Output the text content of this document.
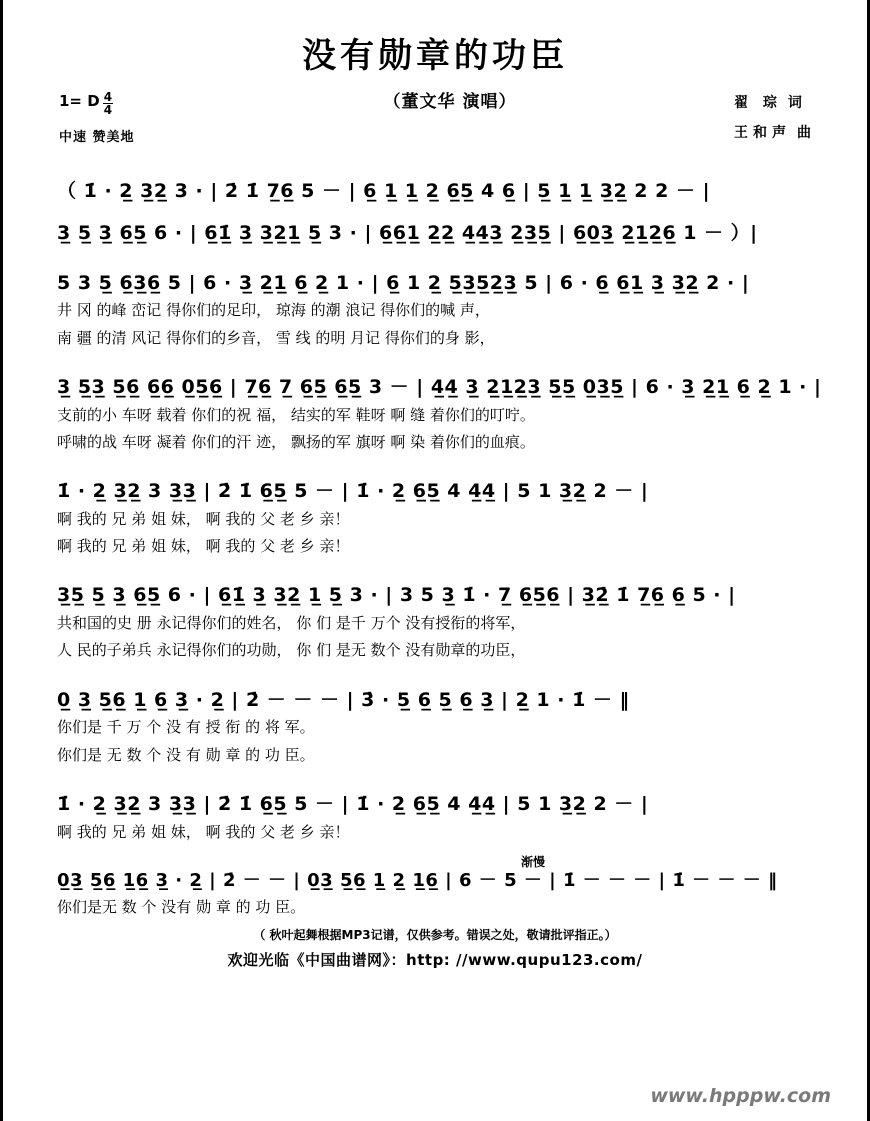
没有勋章的功臣
（董文华 演唱）	翟 琮 词
王和声 曲
1= D $\frac{4}{4}$
中速 赞美地
（ 1̇ · 2̲ 3̲2̲ 3 · | 2̇ 1̇ 7̲6̲ 5 － | 6̲ 1̲ 1̲ 2̲ 6̲5̲ 4 6̲ | 5̲ 1̲ 1̲ 3̲2̲ 2 2 － |
3̲ 5̲ 3̲ 6̲5̲ 6 · | 6̲1̲̇ 3̲ 3̲2̲1̲ 5̲ 3 · | 6̲6̲1̲ 2̲2̲ 4̲4̲3̲ 2̲3̲5̲ | 6̲0̲3̲ 2̲1̲2̲6̲ 1 － ）|
5 3 5̲ 6̲3̲6̲ 5 | 6 · 3̲ 2̲1̲ 6̲ 2̲ 1 · | 6̲ 1 2̲ 5̲3̲5̲2̲3̲ 5 | 6 · 6̲ 6̲1̲ 3̲ 3̲2̲ 2 · |
井 冈 的峰 峦记 得你们的足印， 琼海 的潮 浪记 得你们的喊 声，
南 疆 的清 风记 得你们的乡音， 雪 线 的明 月记 得你们的身 影，
3̲ 5̲3̲ 5̲6̲ 6̲6̲ 0̲5̲6̲ | 7̲6̲ 7̲ 6̲5̲ 6̲5̲ 3 － | 4̲4̲ 3̲ 2̲1̲2̲3̲ 5̲5̲ 0̲3̲5̲ | 6 · 3̲ 2̲1̲ 6̲ 2̲ 1 · |
支前的小 车呀 载着 你们的祝 福， 结实的军 鞋呀 啊 缝 着你们的叮咛。
呼啸的战 车呀 凝着 你们的汗 迹， 飘扬的军 旗呀 啊 染 着你们的血痕。
1̇ · 2̲ 3̲2̲ 3 3̲3̲ | 2̇ 1̇ 6̲5̲ 5 － | 1̇ · 2̲ 6̲5̲ 4 4̲4̲ | 5 1 3̲2̲ 2 － |
啊 我的 兄 弟 姐 妹， 啊 我的 父 老 乡 亲！
啊 我的 兄 弟 姐 妹， 啊 我的 父 老 乡 亲！
3̲5̲ 5̲ 3̲ 6̲5̲ 6 · | 6̲1̲̇ 3̲ 3̲2̲ 1̲ 5̲ 3 · | 3 5 3̲ 1̇ · 7̲ 6̲5̲6̲ | 3̲2̲̇ 1̇ 7̲6̲ 6̲ 5 · |
共和国的史 册 永记得你们的姓名， 你 们 是千 万个 没有授衔的将军，
人 民的子弟兵 永记得你们的功勋， 你 们 是无 数个 没有勋章的功臣，
0̲ 3̲ 5̲6̲ 1̲ 6̲ 3̲ · 2̲ | 2̇ － － － | 3̇ · 5̲ 6̲ 5̲ 6̲ 3̲ | 2̲ 1 · 1̇ － ‖
你们是 千 万 个 没 有 授 衔 的 将 军。
你们是 无 数 个 没 有 勋 章 的 功 臣。
1̇ · 2̲ 3̲2̲ 3 3̲3̲ | 2̇ 1̇ 6̲5̲ 5 － | 1̇ · 2̲ 6̲5̲ 4 4̲4̲ | 5 1 3̲2̲ 2 － |
啊 我的 兄 弟 姐 妹， 啊 我的 父 老 乡 亲！
渐慢
0̲3̲ 5̲6̲ 1̲6̲ 3̲ · 2̲ | 2̇ － － | 0̲3̲ 5̲6̲ 1̲ 2̲ 1̲6̲ | 6 － 5 － | 1̇ － － － | 1̇ － － － ‖
你们是无 数 个 没有 勋 章 的 功 臣。
（ 秋叶起舞根据MP3记谱，仅供参考。错误之处，敬请批评指正。）
欢迎光临《中国曲谱网》：http: //www.qupu123.com/
www.hpppw.com
